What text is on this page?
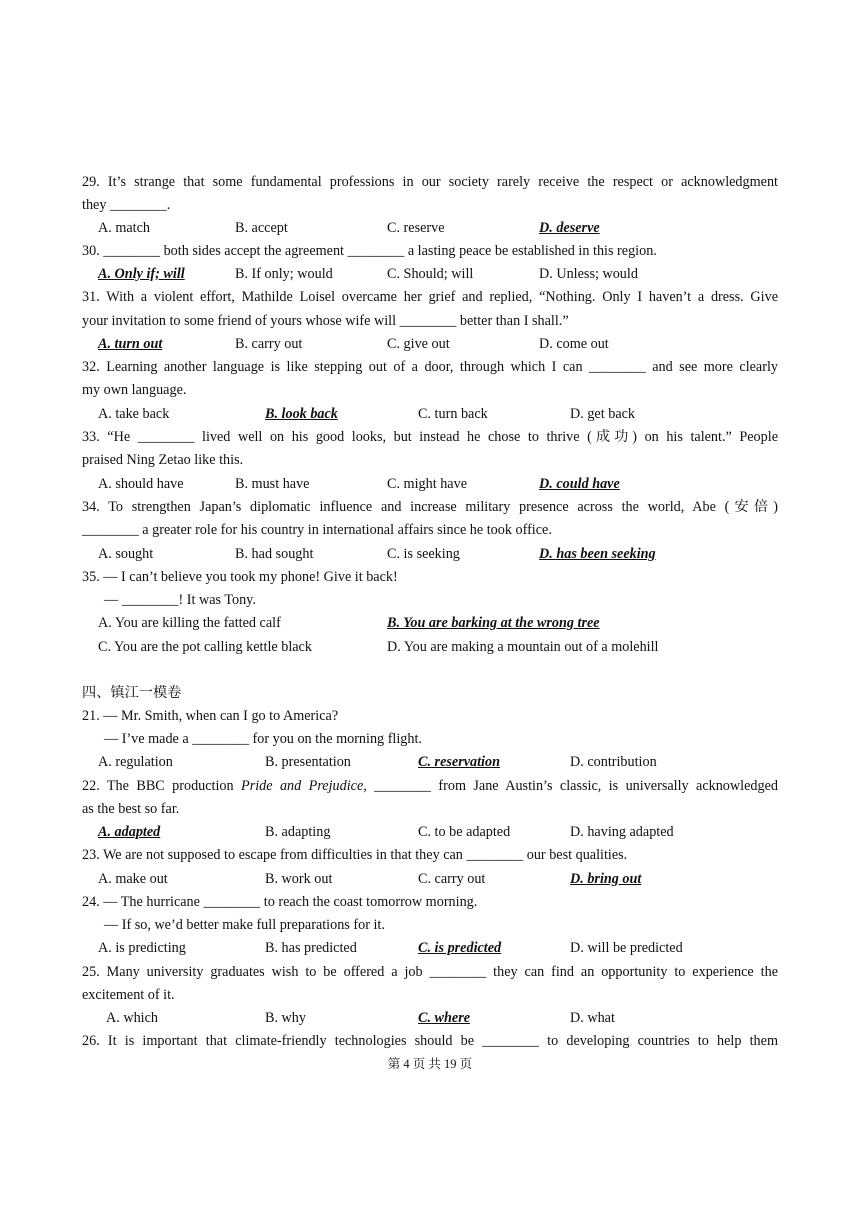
29. It’s strange that some fundamental professions in our society rarely receive the respect or acknowledgment
they ________.
A. match	B. accept	C. reserve	D. deserve
30. ________ both sides accept the agreement ________ a lasting peace be established in this region.
A. Only if; will	B. If only; would	C. Should; will	D. Unless; would
31. With a violent effort, Mathilde Loisel overcame her grief and replied, “Nothing. Only I haven’t a dress. Give
your invitation to some friend of yours whose wife will ________ better than I shall.”
A. turn out	B. carry out	C. give out	D. come out
32. Learning another language is like stepping out of a door, through which I can ________ and see more clearly
my own language.
A. take back	B. look back	C. turn back	D. get back
33. “He ________ lived well on his good looks, but instead he chose to thrive (成功) on his talent.” People
praised Ning Zetao like this.
A. should have	B. must have	C. might have	D. could have
34. To strengthen Japan’s diplomatic influence and increase military presence across the world, Abe (安倍)
________ a greater role for his country in international affairs since he took office.
A. sought	B. had sought	C. is seeking	D. has been seeking
35. — I can’t believe you took my phone! Give it back!
— ________! It was Tony.
A. You are killing the fatted calf	B. You are barking at the wrong tree
C. You are the pot calling kettle black	D. You are making a mountain out of a molehill
四、镇江一模卷
21. — Mr. Smith, when can I go to America?
— I’ve made a ________ for you on the morning flight.
A. regulation	B. presentation	C. reservation	D. contribution
22. The BBC production Pride and Prejudice, ________ from Jane Austin’s classic, is universally acknowledged
as the best so far.
A. adapted	B. adapting	C. to be adapted	D. having adapted
23. We are not supposed to escape from difficulties in that they can ________ our best qualities.
A. make out	B. work out	C. carry out	D. bring out
24. — The hurricane ________ to reach the coast tomorrow morning.
— If so, we’d better make full preparations for it.
A. is predicting	B. has predicted	C. is predicted	D. will be predicted
25. Many university graduates wish to be offered a job ________ they can find an opportunity to experience the
excitement of it.
A. which	B. why	C. where	D. what
26. It is important that climate-friendly technologies should be ________ to developing countries to help them
第 4 页 共 19 页
